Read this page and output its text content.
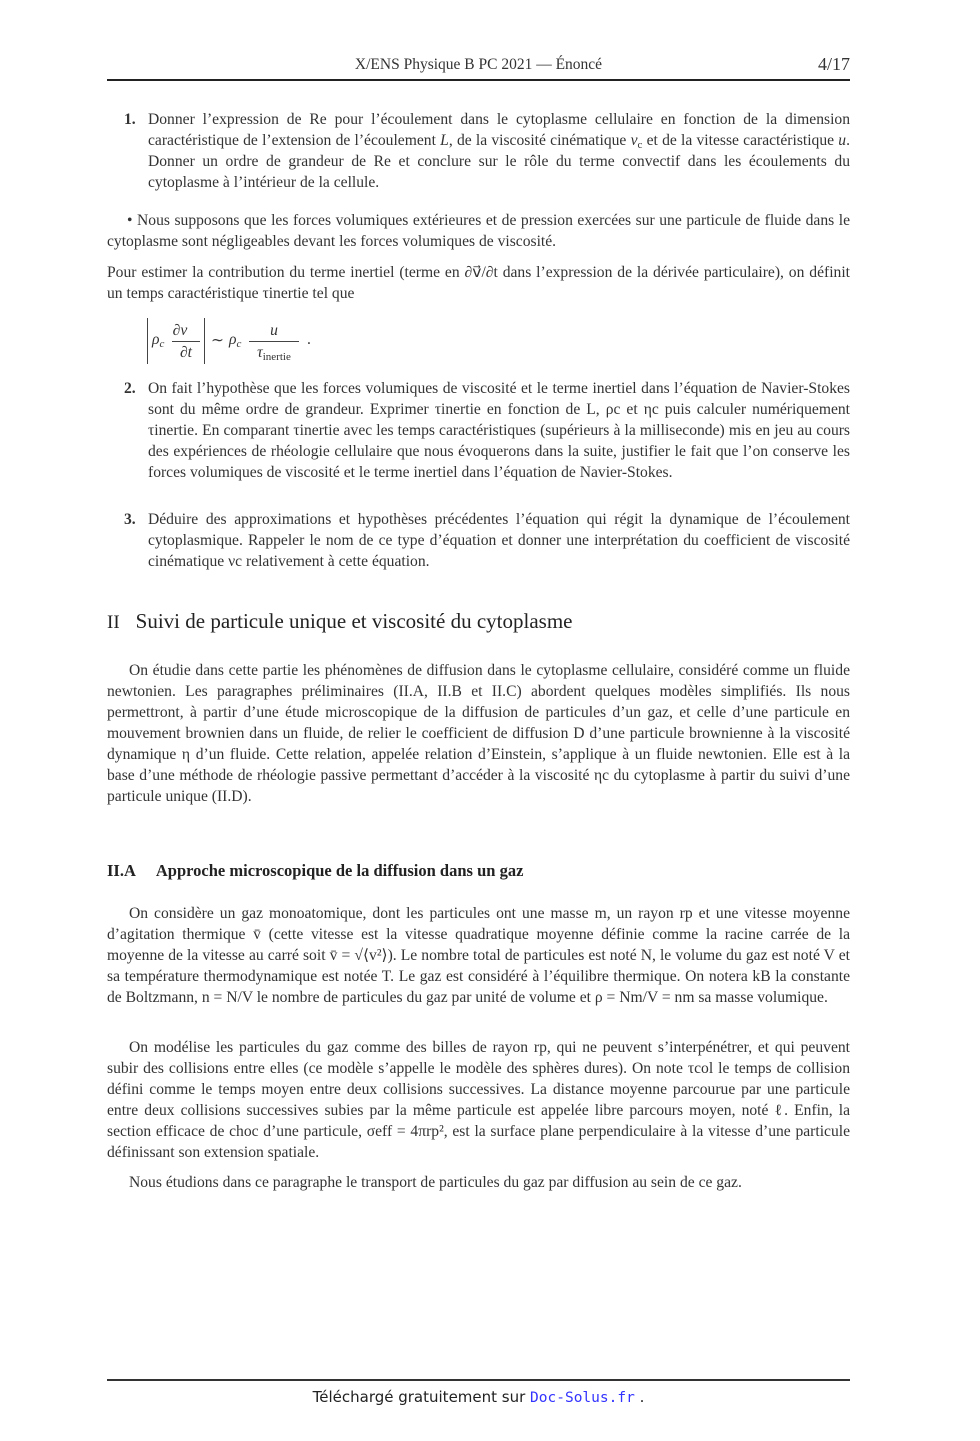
X/ENS Physique B PC 2021 — Énoncé	4/17
1. Donner l’expression de Re pour l’écoulement dans le cytoplasme cellulaire en fonction de la dimension caractéristique de l’extension de l’écoulement L, de la viscosité cinématique $\nu_c$ et de la vitesse caractéristique u. Donner un ordre de grandeur de Re et conclure sur le rôle du terme convectif dans les écoulements du cytoplasme à l’intérieur de la cellule.
• Nous supposons que les forces volumiques extérieures et de pression exercées sur une particule de fluide dans le cytoplasme sont négligeables devant les forces volumiques de viscosité.
Pour estimer la contribution du terme inertiel (terme en ∂v⃗/∂t dans l’expression de la dérivée particulaire), on définit un temps caractéristique τinertie tel que
$\rho_c \frac{\partial v⃗}{\partial t}$ ∼ $\rho_c$
u
$\tau_{inertie}$
.
2. On fait l’hypothèse que les forces volumiques de viscosité et le terme inertiel dans l’équation de Navier-Stokes sont du même ordre de grandeur. Exprimer τinertie en fonction de L, ρc et ηc puis calculer numériquement τinertie. En comparant τinertie avec les temps caractéristiques (supérieurs à la milliseconde) mis en jeu au cours des expériences de rhéologie cellulaire que nous évoquerons dans la suite, justifier le fait que l’on conserve les forces volumiques de viscosité et le terme inertiel dans l’équation de Navier-Stokes.
3. Déduire des approximations et hypothèses précédentes l’équation qui régit la dynamique de l’écoulement cytoplasmique. Rappeler le nom de ce type d’équation et donner une interprétation du coefficient de viscosité cinématique νc relativement à cette équation.
II Suivi de particule unique et viscosité du cytoplasme
On étudie dans cette partie les phénomènes de diffusion dans le cytoplasme cellulaire, considéré comme un fluide newtonien. Les paragraphes préliminaires (II.A, II.B et II.C) abordent quelques modèles simplifiés. Ils nous permettront, à partir d’une étude microscopique de la diffusion de particules d’un gaz, et celle d’une particule en mouvement brownien dans un fluide, de relier le coefficient de diffusion D d’une particule brownienne à la viscosité dynamique η d’un fluide. Cette relation, appelée relation d’Einstein, s’applique à un fluide newtonien. Elle est à la base d’une méthode de rhéologie passive permettant d’accéder à la viscosité ηc du cytoplasme à partir du suivi d’une particule unique (II.D).
II.A Approche microscopique de la diffusion dans un gaz
On considère un gaz monoatomique, dont les particules ont une masse m, un rayon rp et une vitesse moyenne d’agitation thermique v̄ (cette vitesse est la vitesse quadratique moyenne définie comme la racine carrée de la moyenne de la vitesse au carré soit v̄ = √⟨v²⟩). Le nombre total de particules est noté N, le volume du gaz est noté V et sa température thermodynamique est notée T. Le gaz est considéré à l’équilibre thermique. On notera kB la constante de Boltzmann, n = N/V le nombre de particules du gaz par unité de volume et ρ = Nm/V = nm sa masse volumique.
On modélise les particules du gaz comme des billes de rayon rp, qui ne peuvent s’interpénétrer, et qui peuvent subir des collisions entre elles (ce modèle s’appelle le modèle des sphères dures). On note τcol le temps de collision défini comme le temps moyen entre deux collisions successives. La distance moyenne parcourue par une particule entre deux collisions successives subies par la même particule est appelée libre parcours moyen, noté ℓ. Enfin, la section efficace de choc d’une particule, σeff = 4πrp², est la surface plane perpendiculaire à la vitesse d’une particule définissant son extension spatiale.
Nous étudions dans ce paragraphe le transport de particules du gaz par diffusion au sein de ce gaz.
Téléchargé gratuitement sur Doc-Solus.fr .
